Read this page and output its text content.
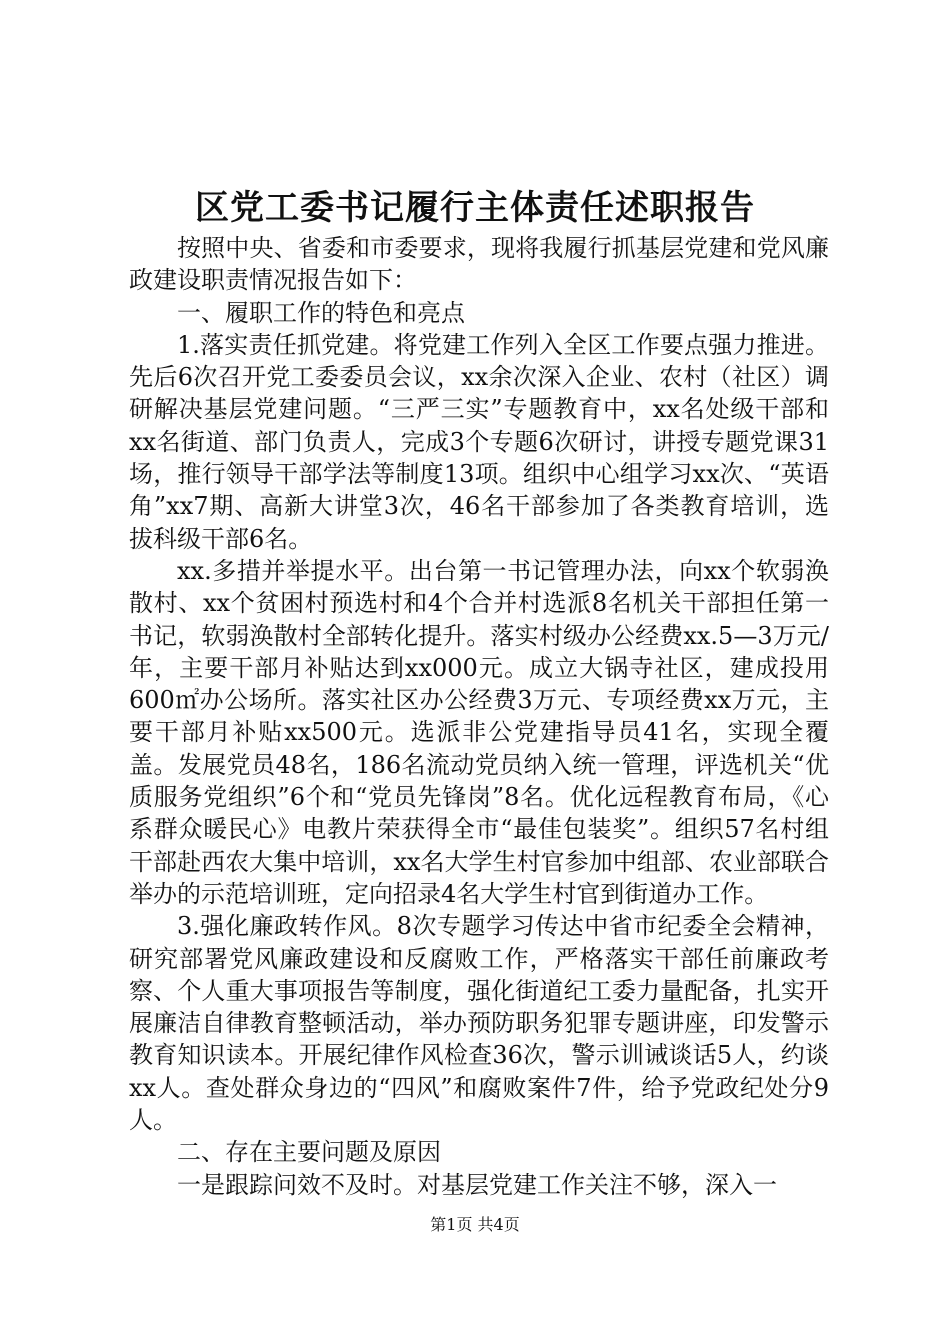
区党工委书记履行主体责任述职报告

按照中央、省委和市委要求，现将我履行抓基层党建和党风廉政建设职责情况报告如下：

一、履职工作的特色和亮点

1.落实责任抓党建。将党建工作列入全区工作要点强力推进。先后6次召开党工委委员会议，xx余次深入企业、农村（社区）调研解决基层党建问题。“三严三实”专题教育中，xx名处级干部和xx名街道、部门负责人，完成3个专题6次研讨，讲授专题党课31场，推行领导干部学法等制度13项。组织中心组学习xx次、“英语角”xx7期、高新大讲堂3次，46名干部参加了各类教育培训，选拔科级干部6名。

xx.多措并举提水平。出台第一书记管理办法，向xx个软弱涣散村、xx个贫困村预选村和4个合并村选派8名机关干部担任第一书记，软弱涣散村全部转化提升。落实村级办公经费xx.5—3万元/年，主要干部月补贴达到xx000元。成立大锅寺社区，建成投用600㎡办公场所。落实社区办公经费3万元、专项经费xx万元，主要干部月补贴xx500元。选派非公党建指导员41名，实现全覆盖。发展党员48名，186名流动党员纳入统一管理，评选机关“优质服务党组织”6个和“党员先锋岗”8名。优化远程教育布局，《心系群众暖民心》电教片荣获得全市“最佳包装奖”。组织57名村组干部赴西农大集中培训，xx名大学生村官参加中组部、农业部联合举办的示范培训班，定向招录4名大学生村官到街道办工作。

3.强化廉政转作风。8次专题学习传达中省市纪委全会精神，研究部署党风廉政建设和反腐败工作，严格落实干部任前廉政考察、个人重大事项报告等制度，强化街道纪工委力量配备，扎实开展廉洁自律教育整顿活动，举办预防职务犯罪专题讲座，印发警示教育知识读本。开展纪律作风检查36次，警示训诫谈话5人，约谈xx人。查处群众身边的“四风”和腐败案件7件，给予党政纪处分9人。

二、存在主要问题及原因

一是跟踪问效不及时。对基层党建工作关注不够，深入一

第1页 共4页
